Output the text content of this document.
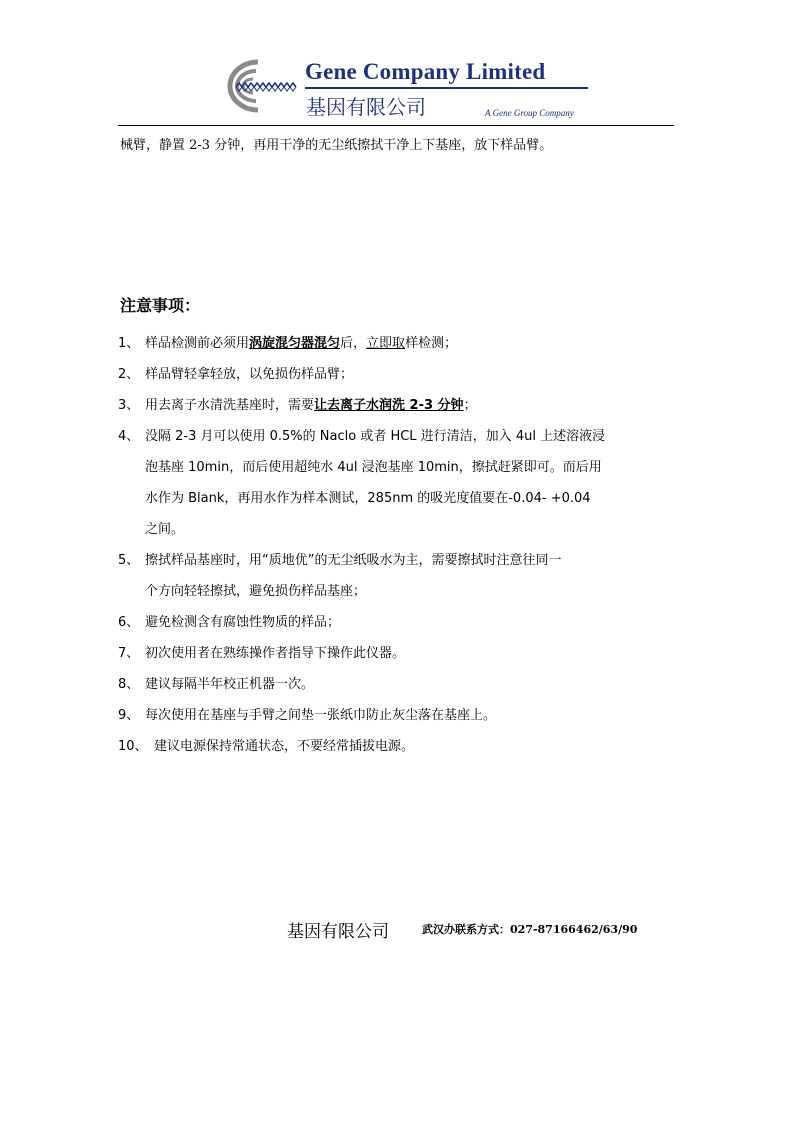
Gene Company Limited
基因有限公司	A Gene Group Company
械臂，静置 2-3 分钟，再用干净的无尘纸擦拭干净上下基座，放下样品臂。
注意事项：

1、 样品检测前必须用涡旋混匀器混匀后，立即取样检测；

2、 样品臂轻拿轻放，以免损伤样品臂；

3、 用去离子水清洗基座时，需要让去离子水润洗 2-3 分钟；

4、 没隔 2-3 月可以使用 0.5%的 Naclo 或者 HCL 进行清洁，加入 4ul 上述溶液浸
泡基座 10min，而后使用超纯水 4ul 浸泡基座 10min，擦拭赶紧即可。而后用
水作为 Blank，再用水作为样本测试，285nm 的吸光度值要在-0.04- +0.04
之间。

5、 擦拭样品基座时，用“质地优”的无尘纸吸水为主，需要擦拭时注意往同一
个方向轻轻擦拭，避免损伤样品基座；

6、 避免检测含有腐蚀性物质的样品；

7、 初次使用者在熟练操作者指导下操作此仪器。

8、 建议每隔半年校正机器一次。

9、 每次使用在基座与手臂之间垫一张纸巾防止灰尘落在基座上。

10、 建议电源保持常通状态，不要经常插拔电源。

基因有限公司	武汉办联系方式：027-87166462/63/90
